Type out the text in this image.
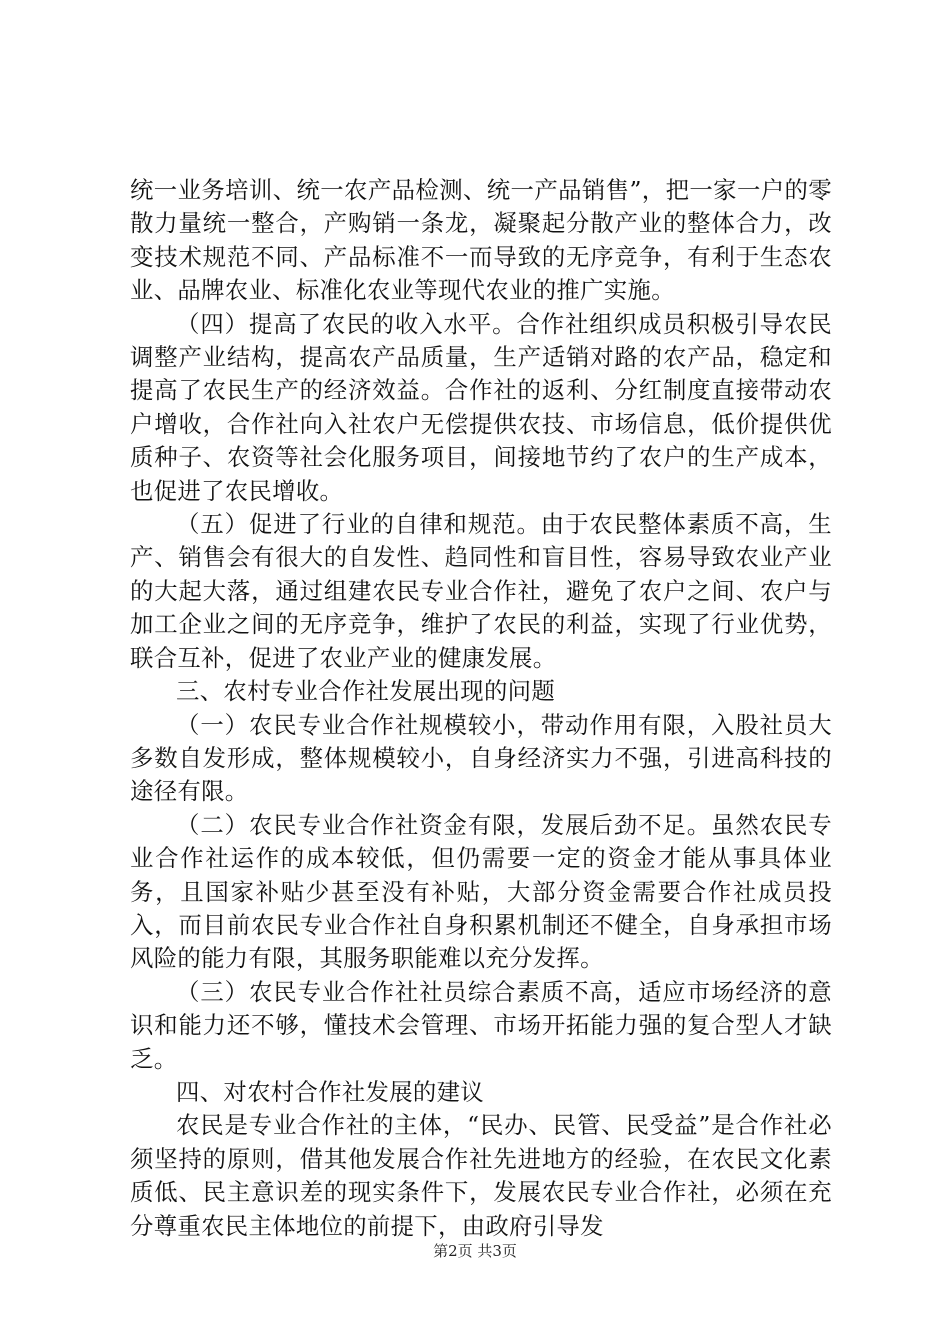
统一业务培训、统一农产品检测、统一产品销售”，把一家一户的零散力量统一整合，产购销一条龙，凝聚起分散产业的整体合力，改变技术规范不同、产品标准不一而导致的无序竞争，有利于生态农业、品牌农业、标准化农业等现代农业的推广实施。

（四）提高了农民的收入水平。合作社组织成员积极引导农民调整产业结构，提高农产品质量，生产适销对路的农产品，稳定和提高了农民生产的经济效益。合作社的返利、分红制度直接带动农户增收，合作社向入社农户无偿提供农技、市场信息，低价提供优质种子、农资等社会化服务项目，间接地节约了农户的生产成本，也促进了农民增收。

（五）促进了行业的自律和规范。由于农民整体素质不高，生产、销售会有很大的自发性、趋同性和盲目性，容易导致农业产业的大起大落，通过组建农民专业合作社，避免了农户之间、农户与加工企业之间的无序竞争，维护了农民的利益，实现了行业优势，联合互补，促进了农业产业的健康发展。

三、农村专业合作社发展出现的问题

（一）农民专业合作社规模较小，带动作用有限，入股社员大多数自发形成，整体规模较小，自身经济实力不强，引进高科技的途径有限。

（二）农民专业合作社资金有限，发展后劲不足。虽然农民专业合作社运作的成本较低，但仍需要一定的资金才能从事具体业务，且国家补贴少甚至没有补贴，大部分资金需要合作社成员投入，而目前农民专业合作社自身积累机制还不健全，自身承担市场风险的能力有限，其服务职能难以充分发挥。

（三）农民专业合作社社员综合素质不高，适应市场经济的意识和能力还不够，懂技术会管理、市场开拓能力强的复合型人才缺乏。

四、对农村合作社发展的建议

农民是专业合作社的主体，“民办、民管、民受益”是合作社必须坚持的原则，借其他发展合作社先进地方的经验，在农民文化素质低、民主意识差的现实条件下，发展农民专业合作社，必须在充分尊重农民主体地位的前提下，由政府引导发

第2页 共3页
